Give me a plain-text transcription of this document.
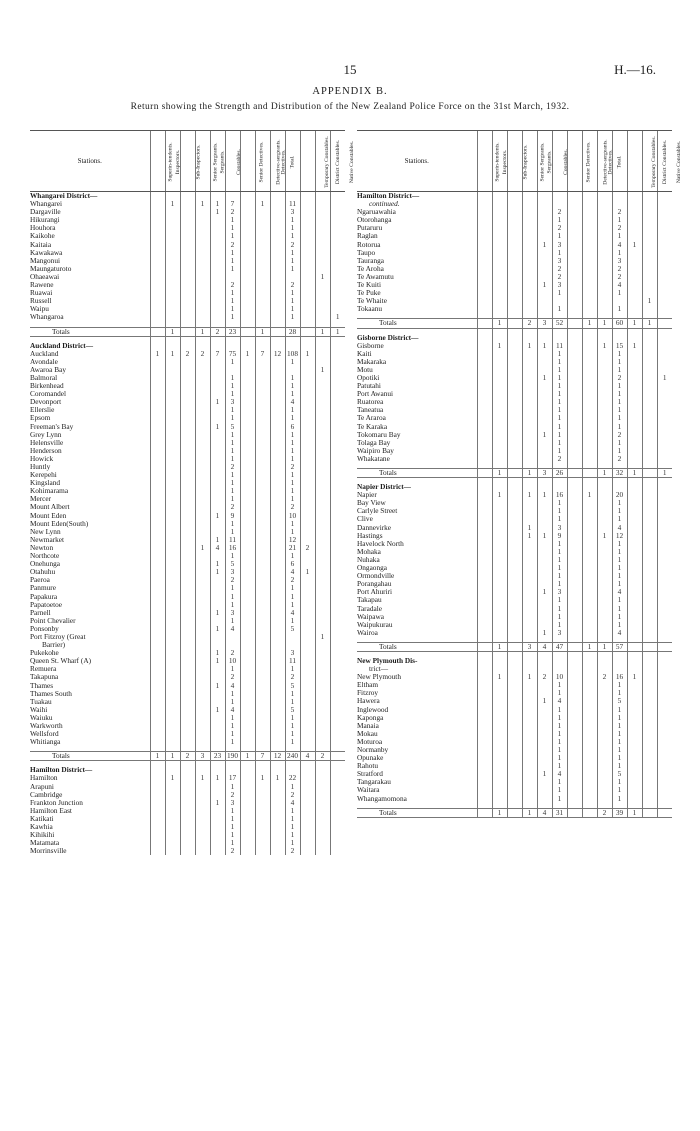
15	H.—16.
APPENDIX B.
Return showing the Strength and Distribution of the New Zealand Police Force on the 31st March, 1932.
Stations.	Superin-tendents.	Inspectors.	Sub-Inspectors.	Senior Sergeants.	Sergeants.	Constables.	Senior Detectives.	Detective-sergeants.	Detectives.	Total.	Temporary Constables.	District Constables.	Native Constables.
Whangarei District—													
Whangarei		1		1	1	7		1		11			
Dargaville					1	2				3			
Hikurangi						1				1			
Houhora						1				1			
Kaikohe						1				1			
Kaitaia						2				2			
Kawakawa						1				1			
Mangonui						1				1			
Maungaturoto						1				1			
Ohaeawai												1	
Rawene						2				2			
Ruawai						1				1			
Russell						1				1			
Waipu						1				1			
Whangaroa						1				1			1

Totals		1		1	2	23		1		28		1	1

Auckland District—													
Auckland	1	1	2	2	7	75	1	7	12	108	1		
Avondale						1				1			
Awaroa Bay												1	
Balmoral						1				1			
Birkenhead						1				1			
Coromandel						1				1			
Devonport					1	3				4			
Ellerslie						1				1			
Epsom						1				1			
Freeman's Bay					1	5				6			
Grey Lynn						1				1			
Helensville						1				1			
Henderson						1				1			
Howick						1				1			
Huntly						2				2			
Kerepehi						1				1			
Kingsland						1				1			
Kohimarama						1				1			
Mercer						1				1			
Mount Albert						2				2			
Mount Eden					1	9				10			
Mount Eden(South)						1				1			
New Lynn						1				1			
Newmarket					1	11				12			
Newton				1	4	16				21	2		
Northcote						1				1			
Onehunga					1	5				6			
Otahuhu					1	3				4	1		
Paeroa						2				2			
Panmure						1				1			
Papakura						1				1			
Papatoetoe						1				1			
Parnell					1	3				4			
Point Chevalier						1				1			
Ponsonby					1	4				5			
Port Fitzroy (Great												1	
Barrier)													
Pukekohe					1	2				3			
Queen St. Wharf (A)					1	10				11			
Remuera						1				1			
Takapuna						2				2			
Thames					1	4				5			
Thames South						1				1			
Tuakau						1				1			
Waihi					1	4				5			
Waiuku						1				1			
Warkworth						1				1			
Wellsford						1				1			
Whitianga						1				1			

Totals	1	1	2	3	23	190	1	7	12	240	4	2	

Hamilton District—													
Hamilton		1		1	1	17		1	1	22			
Arapuni						1				1			
Cambridge						2				2			
Frankton Junction					1	3				4			
Hamilton East						1				1			
Katikati						1				1			
Kawhia						1				1			
Kihikihi						1				1			
Matamata						1				1			
Morrinsville						2				2			
Stations.	Superin-tendents.	Inspectors.	Sub-Inspectors.	Senior Sergeants.	Sergeants.	Constables.	Senior Detectives.	Detective-sergeants.	Detectives.	Total.	Temporary Constables.	District Constables.	Native Constables.
Hamilton District—													
continued.													
Ngaruawahia						2				2			
Otorohanga						1				1			
Putaruru						2				2			
Raglan						1				1			
Rotorua					1	3				4	1		
Taupo						1				1			
Tauranga						3				3			
Te Aroha						2				2			
Te Awamutu						2				2			
Te Kuiti					1	3				4			
Te Puke						1				1			
Te Whaite												1	
Tokaanu						1				1			

Totals		1		2	3	52		1	1	60	1	1	

Gisborne District—													
Gisborne		1		1	1	11			1	15	1		
Kaiti						1				1			
Makaraka						1				1			
Motu						1				1			
Opotiki					1	1				2			1
Patutahi						1				1			
Port Awanui						1				1			
Ruatorea						1				1			
Taneatua						1				1			
Te Araroa						1				1			
Te Karaka						1				1			
Tokomaru Bay					1	1				2			
Tolaga Bay						1				1			
Waipiro Bay						1				1			
Whakatane						2				2			

Totals		1		1	3	26			1	32	1		1

Napier District—													
Napier		1		1	1	16		1		20			
Bay View						1				1			
Carlyle Street						1				1			
Clive						1				1			
Dannevirke				1		3				4			
Hastings				1	1	9			1	12			
Havelock North						1				1			
Mohaka						1				1			
Nuhaka						1				1			
Ongaonga						1				1			
Ormondville						1				1			
Porangahau						1				1			
Port Ahuriri					1	3				4			
Takapau						1				1			
Taradale						1				1			
Waipawa						1				1			
Waipukurau						1				1			
Wairoa					1	3				4			

Totals		1		3	4	47		1	1	57			

New Plymouth Dis-													
trict—													
New Plymouth		1		1	2	10			2	16	1		
Eltham						1				1			
Fitzroy						1				1			
Hawera					1	4				5			
Inglewood						1				1			
Kaponga						1				1			
Manaia						1				1			
Mokau						1				1			
Moturoa						1				1			
Normanby						1				1			
Opunake						1				1			
Rahotu						1				1			
Stratford					1	4				5			
Tangarakau						1				1			
Waitara						1				1			
Whangamomona						1				1			

Totals		1		1	4	31			2	39	1		
